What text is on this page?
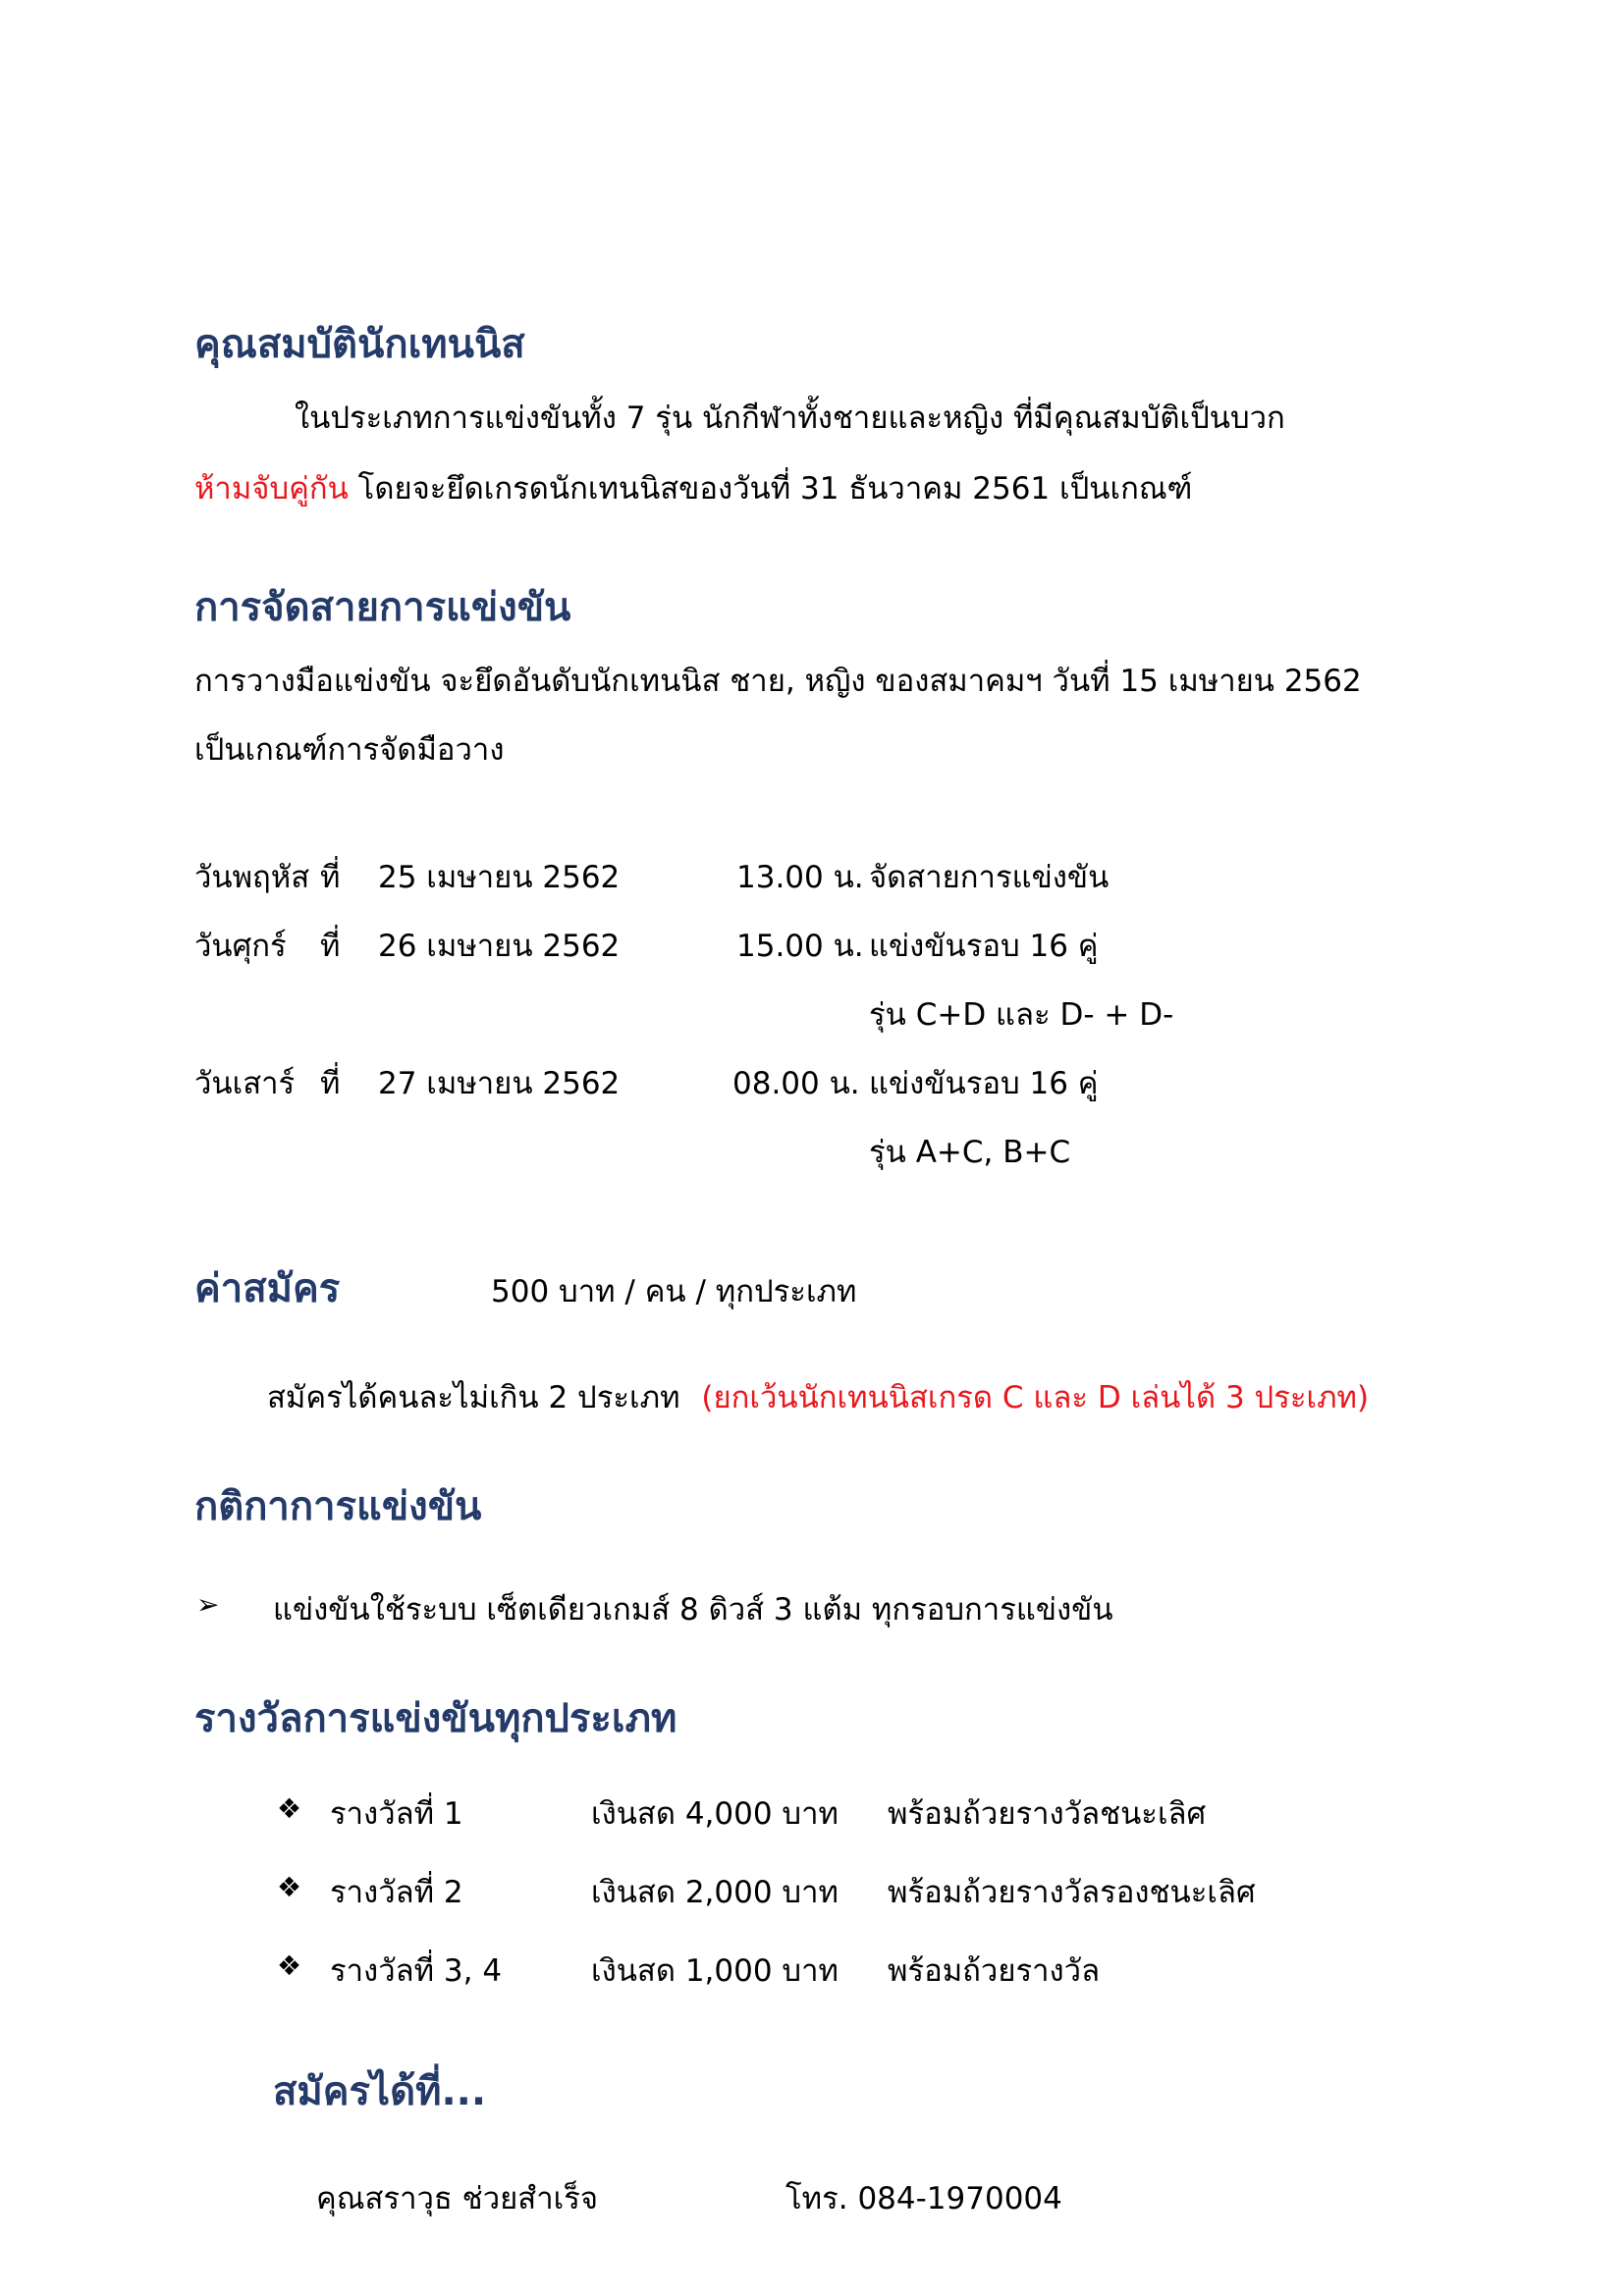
คุณสมบัตินักเทนนิส
ในประเภทการแข่งขันทั้ง 7 รุ่น นักกีฬาทั้งชายและหญิง ที่มีคุณสมบัติเป็นบวก
ห้ามจับคู่กัน โดยจะยึดเกรดนักเทนนิสของวันที่ 31 ธันวาคม 2561 เป็นเกณฑ์
การจัดสายการแข่งขัน
การวางมือแข่งขัน จะยึดอันดับนักเทนนิส ชาย, หญิง ของสมาคมฯ วันที่ 15 เมษายน 2562
เป็นเกณฑ์การจัดมือวาง
วันพฤหัส ที่ 25 เมษายน 2562	13.00 น. จัดสายการแข่งขัน
วันศุกร์ ที่ 26 เมษายน 2562	15.00 น. แข่งขันรอบ 16 คู่
รุ่น C+D และ D- + D-
วันเสาร์ ที่ 27 เมษายน 2562	08.00 น. แข่งขันรอบ 16 คู่
รุ่น A+C, B+C
ค่าสมัคร	500 บาท / คน / ทุกประเภท
สมัครได้คนละไม่เกิน 2 ประเภท (ยกเว้นนักเทนนิสเกรด C และ D เล่นได้ 3 ประเภท)
กติกาการแข่งขัน
➢ แข่งขันใช้ระบบ เซ็ตเดียวเกมส์ 8 ดิวส์ 3 แต้ม ทุกรอบการแข่งขัน
รางวัลการแข่งขันทุกประเภท
❖ รางวัลที่ 1	เงินสด 4,000 บาท พร้อมถ้วยรางวัลชนะเลิศ
❖ รางวัลที่ 2	เงินสด 2,000 บาท พร้อมถ้วยรางวัลรองชนะเลิศ
❖ รางวัลที่ 3, 4	เงินสด 1,000 บาท พร้อมถ้วยรางวัล
สมัครได้ที่...
คุณสราวุธ ช่วยสำเร็จ	โทร. 084-1970004
